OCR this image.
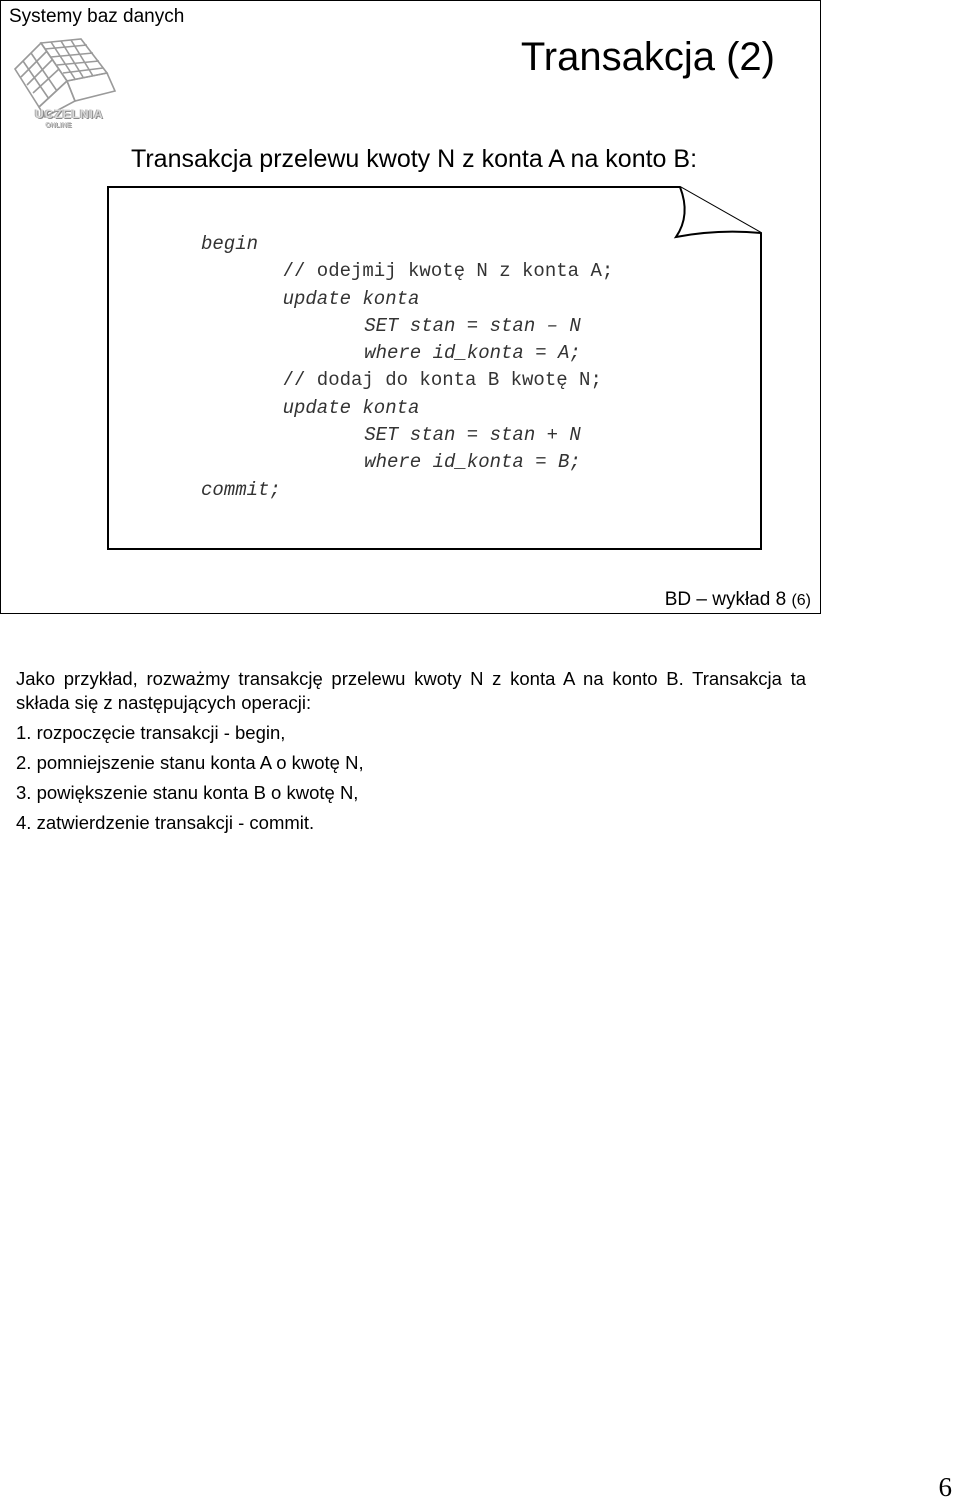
Systemy baz danych
UCZELNIA
ONLINE
Transakcja (2)
Transakcja przelewu kwoty N z konta A na konto B:
begin
// odejmij kwotę N z konta A;
update konta
SET stan = stan – N
where id_konta = A;
// dodaj do konta B kwotę N;
update konta
SET stan = stan + N
where id_konta = B;
commit;
BD – wykład 8 (6)
Jako przykład, rozważmy transakcję przelewu kwoty N z konta A na konto B. Transakcja ta składa się z następujących operacji:
1. rozpoczęcie transakcji - begin,
2. pomniejszenie stanu konta A o kwotę N,
3. powiększenie stanu konta B o kwotę N,
4. zatwierdzenie transakcji - commit.
6
